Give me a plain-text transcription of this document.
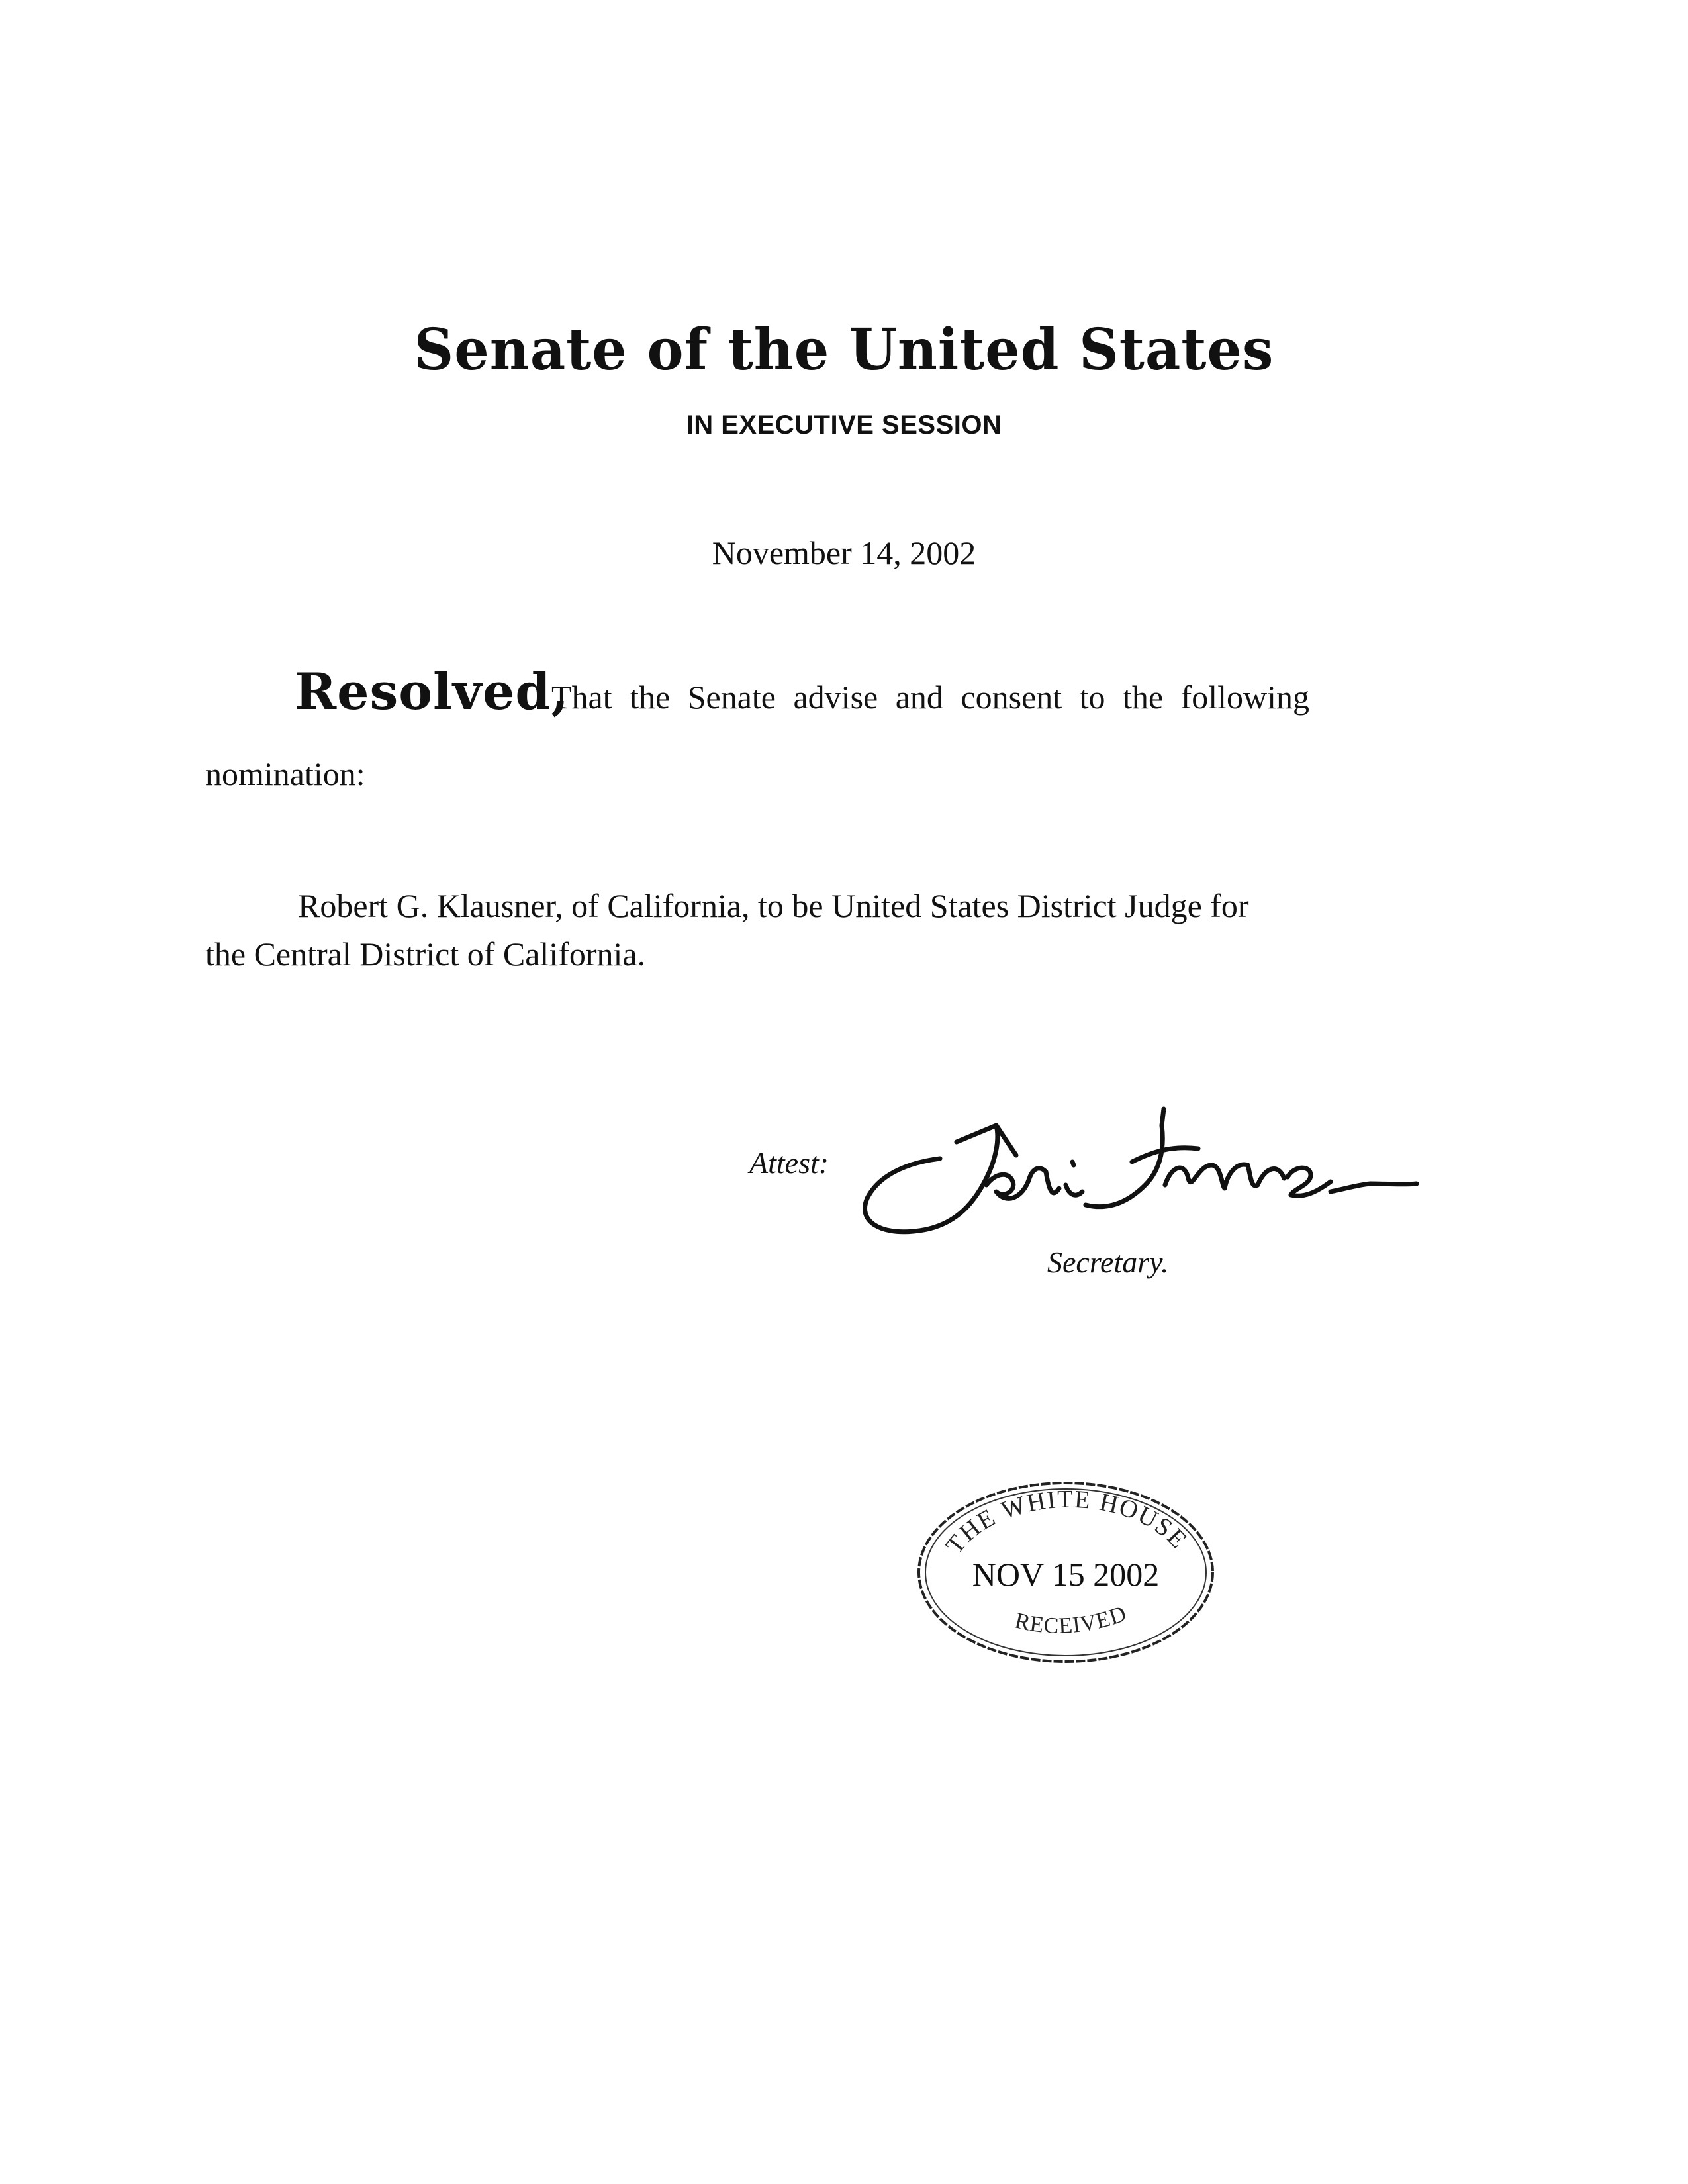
Senate of the United States
IN EXECUTIVE SESSION
November 14, 2002
Resolved,
That the Senate advise and consent to the following
nomination:
Robert G. Klausner, of California, to be United States District Judge for
the Central District of California.
Attest:
Secretary.
THE WHITE HOUSE
NOV 15 2002
RECEIVED
